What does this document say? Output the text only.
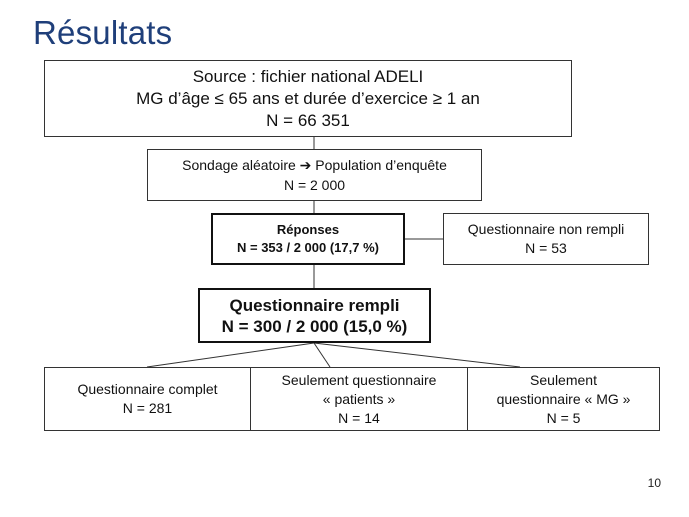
Résultats
Source : fichier national ADELI
MG d’âge ≤ 65 ans et durée d’exercice ≥ 1 an
N = 66 351
Sondage aléatoire ➔ Population d’enquête
N = 2 000
Réponses
N = 353 / 2 000 (17,7 %)
Questionnaire non rempli
N = 53
Questionnaire rempli
N = 300 / 2 000 (15,0 %)
Questionnaire complet
N = 281
Seulement questionnaire
« patients »
N = 14
Seulement
questionnaire « MG »
N = 5
10
